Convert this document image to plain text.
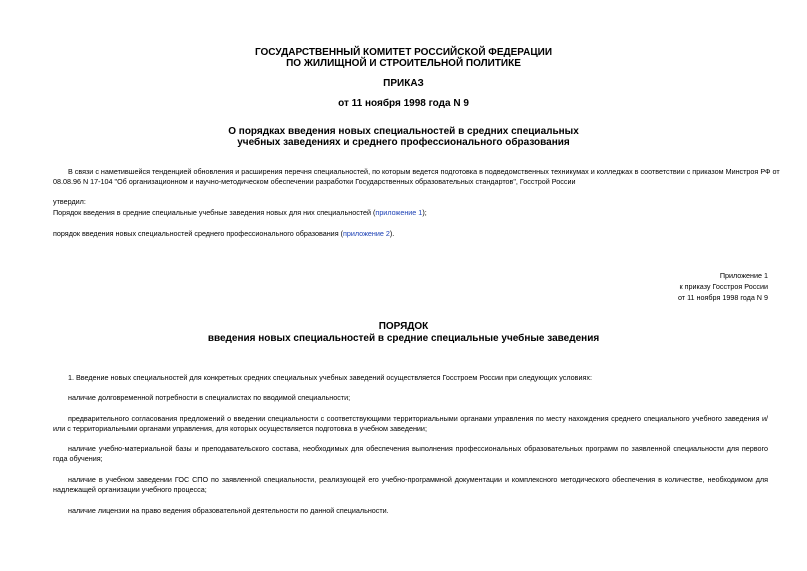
ГОСУДАРСТВЕННЫЙ КОМИТЕТ РОССИЙСКОЙ ФЕДЕРАЦИИ
ПО ЖИЛИЩНОЙ И СТРОИТЕЛЬНОЙ ПОЛИТИКЕ
ПРИКАЗ
от 11 ноября 1998 года N 9
О порядках введения новых специальностей в средних специальных
учебных заведениях и среднего профессионального образования
В связи с наметившейся тенденцией обновления и расширения перечня специальностей, по которым ведется подготовка в подведомственных техникумах и колледжах в соответствии с приказом Минстроя РФ от
08.08.96 N 17-104 "Об организационном и научно-методическом обеспечении разработки Государственных образовательных стандартов", Госстрой России
утвердил:
Порядок введения в средние специальные учебные заведения новых для них специальностей (приложение 1);
порядок введения новых специальностей среднего профессионального образования (приложение 2).
Приложение 1
к приказу Госстроя России
от 11 ноября 1998 года N 9
ПОРЯДОК
введения новых специальностей в средние специальные учебные заведения
1. Введение новых специальностей для конкретных средних специальных учебных заведений осуществляется Госстроем России при следующих условиях:
наличие долговременной потребности в специалистах по вводимой специальности;
предварительного согласования предложений о введении специальности с соответствующими территориальными органами управления по месту нахождения среднего специального учебного заведения и/или с территориальными органами управления, для которых осуществляется подготовка в учебном заведении;
наличие учебно-материальной базы и преподавательского состава, необходимых для обеспечения выполнения профессиональных образовательных программ по заявленной специальности для первого года обучения;
наличие в учебном заведении ГОС СПО по заявленной специальности, реализующей его учебно-программной документации и комплексного методического обеспечения в количестве, необходимом для надлежащей организации учебного процесса;
наличие лицензии на право ведения образовательной деятельности по данной специальности.
